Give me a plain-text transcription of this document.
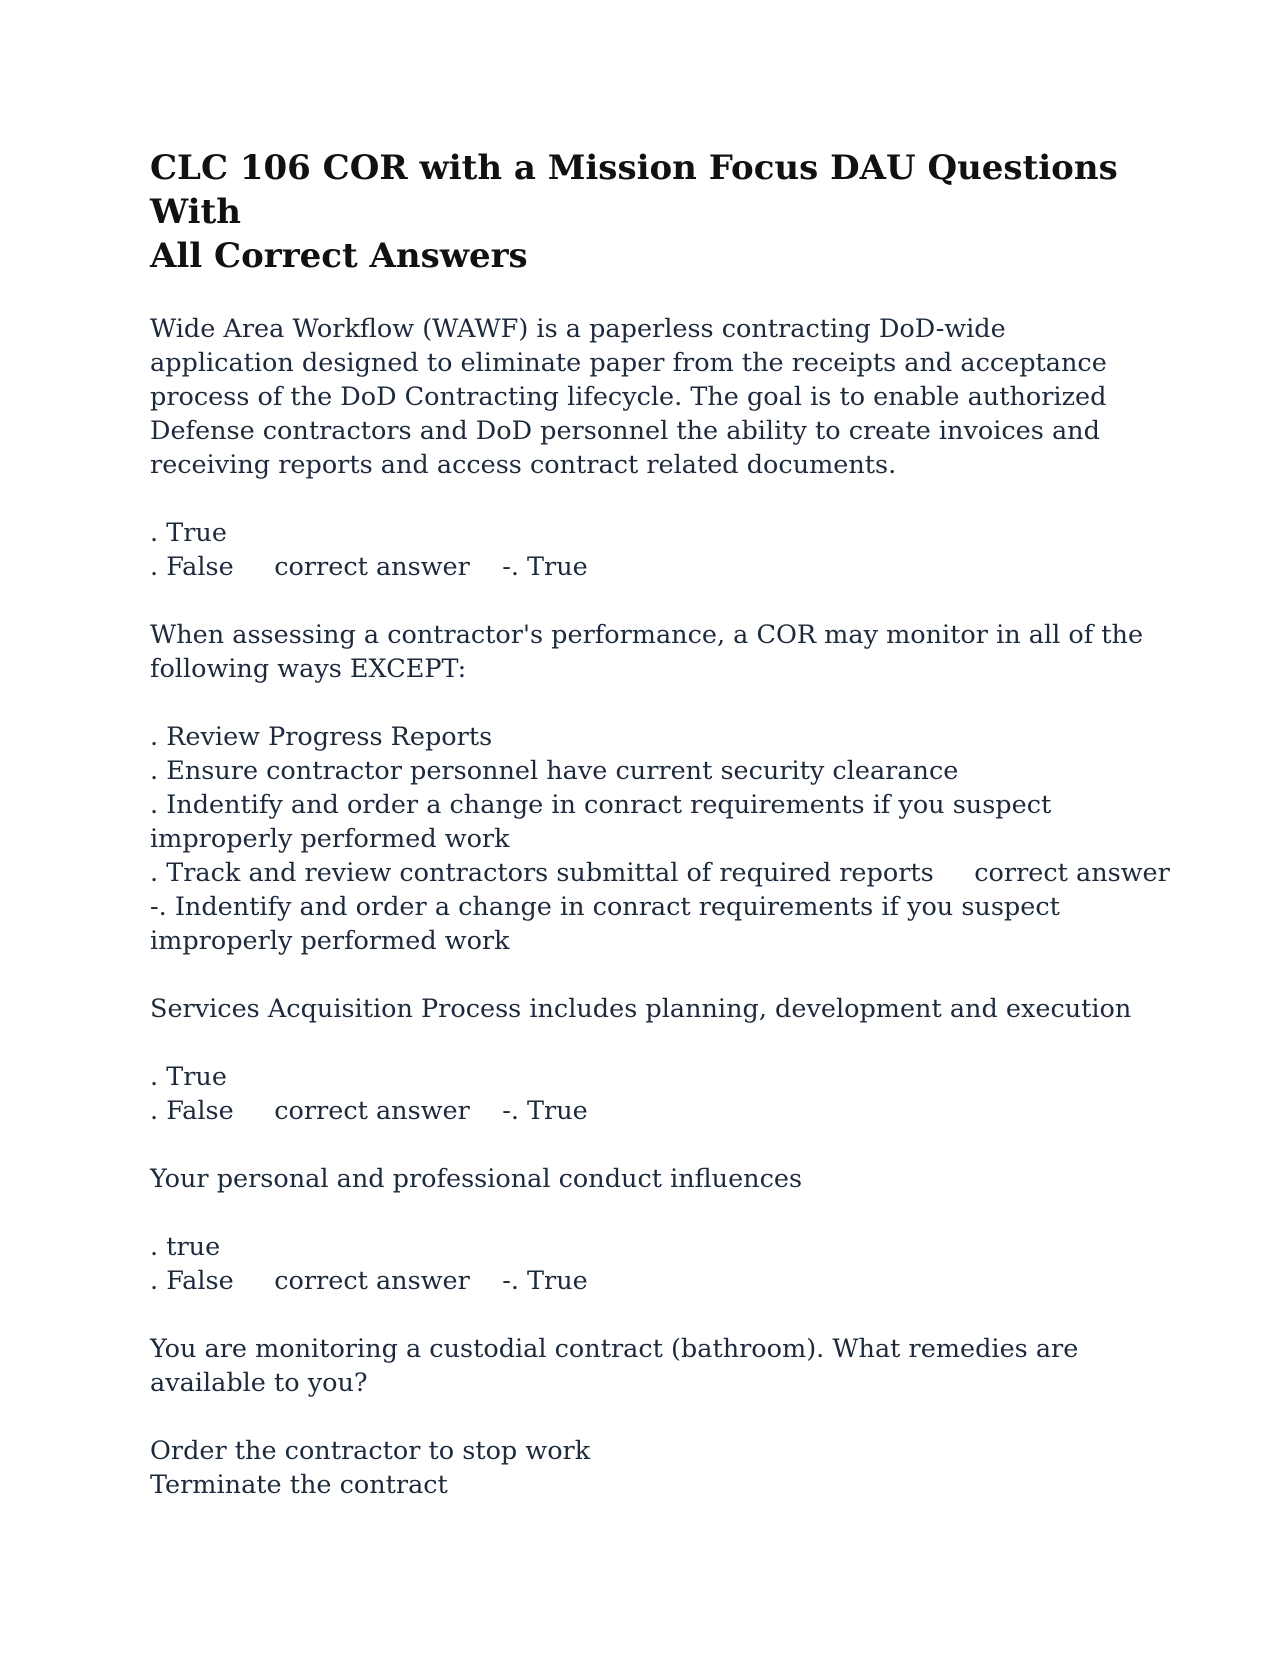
CLC 106 COR with a Mission Focus DAU Questions With
All Correct Answers
Wide Area Workflow (WAWF) is a paperless contracting DoD-wide
application designed to eliminate paper from the receipts and acceptance
process of the DoD Contracting lifecycle. The goal is to enable authorized
Defense contractors and DoD personnel the ability to create invoices and
receiving reports and access contract related documents.
. True
. False     correct answer    -. True
When assessing a contractor's performance, a COR may monitor in all of the
following ways EXCEPT:
. Review Progress Reports
. Ensure contractor personnel have current security clearance
. Indentify and order a change in conract requirements if you suspect
improperly performed work
. Track and review contractors submittal of required reports     correct answer
-. Indentify and order a change in conract requirements if you suspect
improperly performed work
Services Acquisition Process includes planning, development and execution
. True
. False     correct answer    -. True
Your personal and professional conduct influences
. true
. False     correct answer    -. True
You are monitoring a custodial contract (bathroom). What remedies are
available to you?
Order the contractor to stop work
Terminate the contract
